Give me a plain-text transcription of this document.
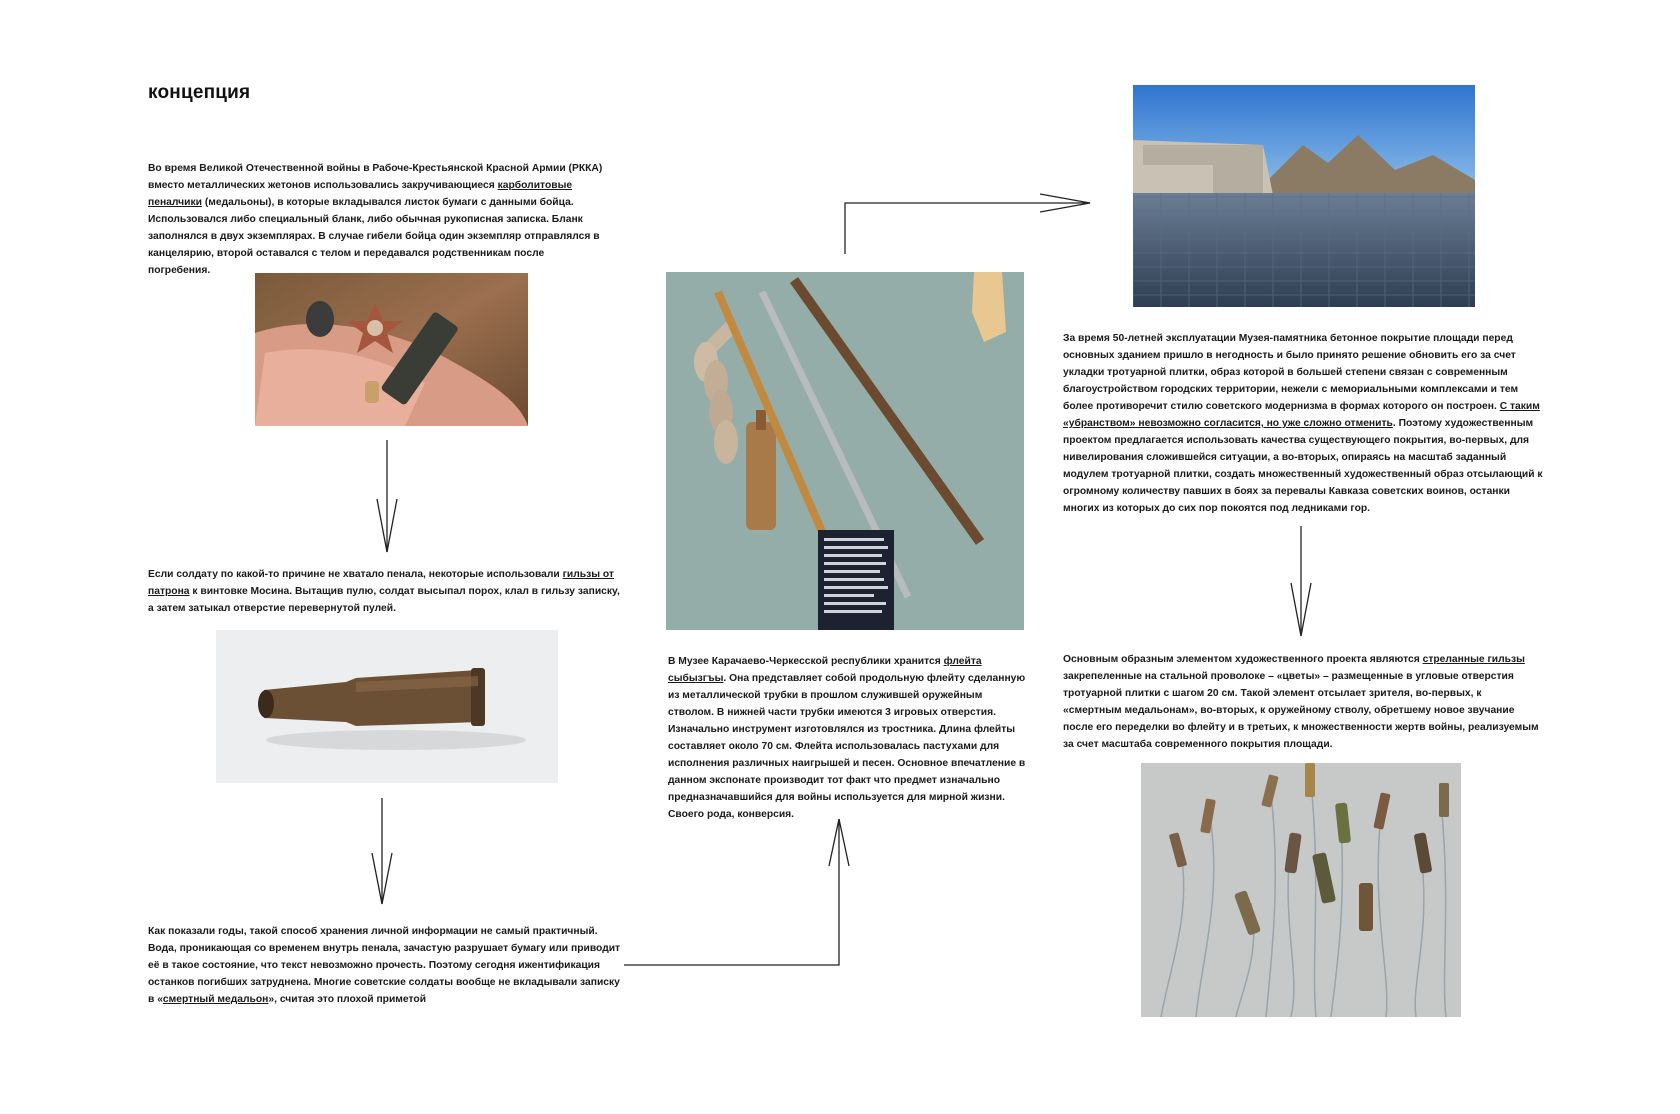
концепция
Во время Великой Отечественной войны в Рабоче-Крестьянской Красной Армии (РККА) вместо металлических жетонов использовались закручивающиеся карболитовые пеналчики (медальоны), в которые вкладывался листок бумаги с данными бойца. Использовался либо специальный бланк, либо обычная рукописная записка. Бланк заполнялся в двух экземплярах. В случае гибели бойца один экземпляр отправлялся в канцелярию, второй оставался с телом и передавался родственникам после погребения.
Если солдату по какой-то причине не хватало пенала, некоторые использовали гильзы от патрона к винтовке Мосина. Вытащив пулю, солдат высыпал порох, клал в гильзу записку, а затем затыкал отверстие перевернутой пулей.
Как показали годы, такой способ хранения личной информации не самый практичный. Вода, проникающая со временем внутрь пенала, зачастую разрушает бумагу или приводит её в такое состояние, что текст невозможно прочесть. Поэтому сегодня ижентификация останков погибших затруднена. Многие советские солдаты вообще не вкладывали записку в «смертный медальон», считая это плохой приметой
В Музее Карачаево-Черкесской республики хранится флейта сыбызгъы. Она представляет собой продольную флейту сделанную из металлической трубки в прошлом служившей оружейным стволом. В нижней части трубки имеются 3 игровых отверстия. Изначально инструмент изготовлялся из тростника. Длина флейты составляет около 70 см. Флейта использовалась пастухами для исполнения различных наигрышей и песен. Основное впечатление в данном экспонате производит тот факт что предмет изначально предназначавшийся для войны используется для мирной жизни. Своего рода, конверсия.
За время 50-летней эксплуатации Музея-памятника бетонное покрытие площади перед основных зданием пришло в негодность и было принято решение обновить его за счет укладки тротуарной плитки, образ которой в большей степени связан с современным благоустройством городских территории, нежели с мемориальными комплексами и тем более противоречит стилю советского модернизма в формах которого он построен. С таким «убранством» невозможно согласится, но уже сложно отменить. Поэтому художественным проектом предлагается использовать качества существующего покрытия, во-первых, для нивелирования сложившейся ситуации, а во-вторых, опираясь на масштаб заданный модулем тротуарной плитки, создать множественный художественный образ отсылающий к огромному количеству павших в боях за перевалы Кавказа советских воинов, останки многих из которых до сих пор покоятся под ледниками гор.
Основным образным элементом художественного проекта являются стреланные гильзы закрепеленные на стальной проволоке – «цветы» – размещенные в угловые отверстия тротуарной плитки с шагом 20 см. Такой элемент отсылает зрителя, во-первых, к «смертным медальонам», во-вторых, к оружейному стволу, обретшему новое звучание после его переделки во флейту и в третьих, к множественности жертв войны, реализуемым за счет масштаба современного покрытия площади.
